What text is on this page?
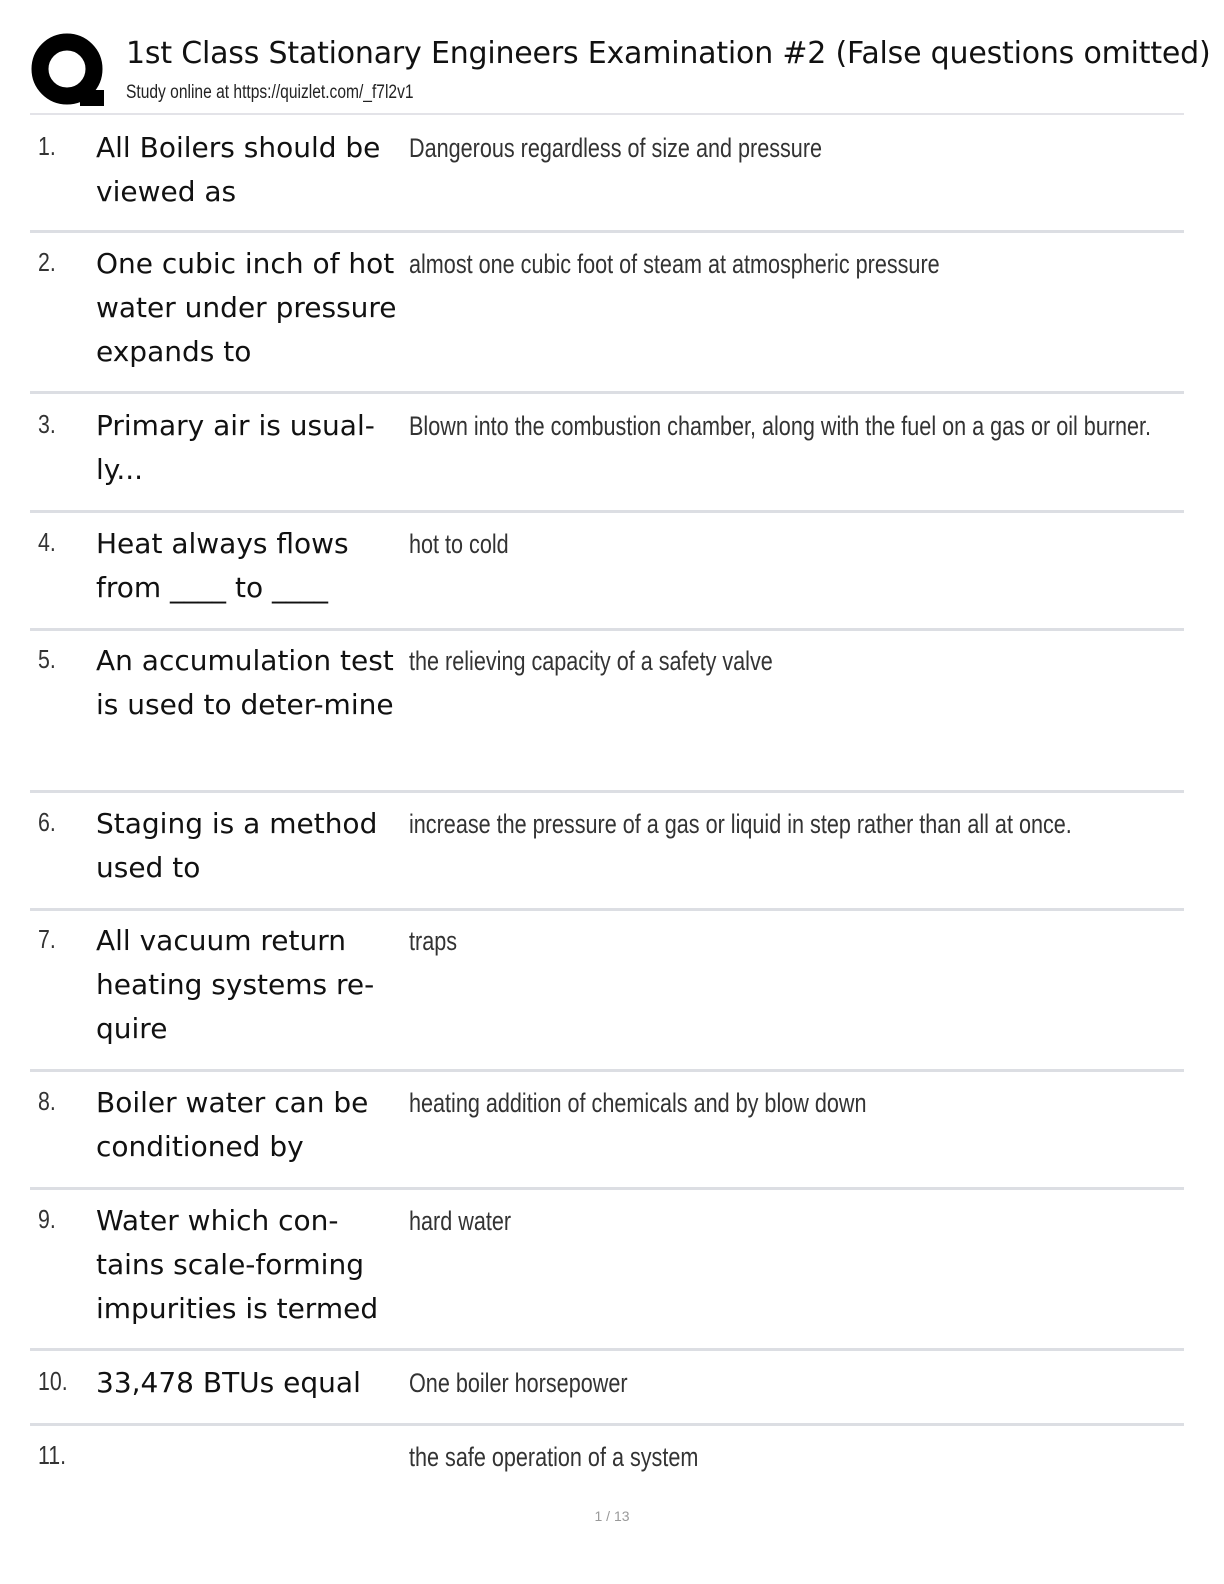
1st Class Stationary Engineers Examination #2 (False questions omitted)
Study online at https://quizlet.com/_f7l2v1
1. All Boilers should be viewed as
Dangerous regardless of size and pressure
2. One cubic inch of hot water under pressure expands to
almost one cubic foot of steam at atmospheric pressure
3. Primary air is usual-ly...
Blown into the combustion chamber, along with the fuel on a gas or oil burner.
4. Heat always flows from ____ to ____
hot to cold
5. An accumulation test is used to deter-mine
the relieving capacity of a safety valve
6. Staging is a method used to
increase the pressure of a gas or liquid in step rather than all at once.
7. All vacuum return heating systems re-quire
traps
8. Boiler water can be conditioned by
heating addition of chemicals and by blow down
9. Water which con-tains scale-forming impurities is termed
hard water
10. 33,478 BTUs equal	One boiler horsepower
11.	the safe operation of a system
1 / 13
